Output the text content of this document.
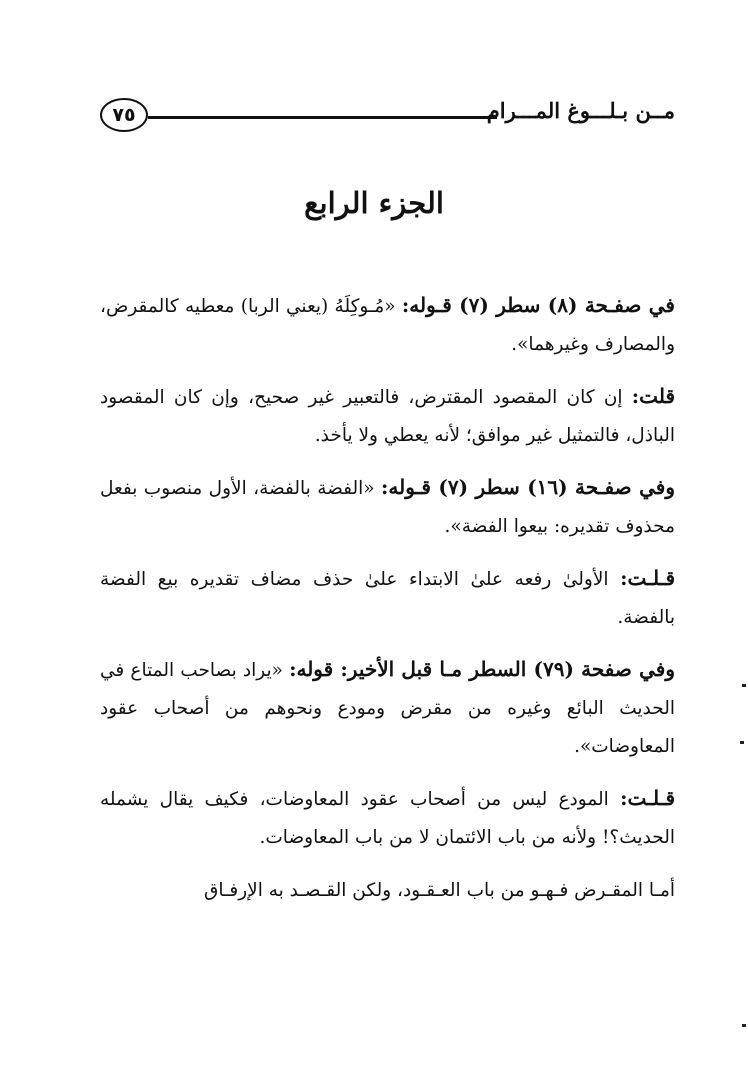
مــن بـلـــوغ المـــرام
٧٥
الجزء الرابع

في صفـحة (٨) سطر (٧) قـوله: «مُـوكِلَهُ (يعني الربا) معطيه كالمقرض، والمصارف وغيرهما».

قلت: إن كان المقصود المقترض، فالتعبير غير صحيح، وإن كان المقصود الباذل، فالتمثيل غير موافق؛ لأنه يعطي ولا يأخذ.

وفي صفـحة (١٦) سطر (٧) قـوله: «الفضة بالفضة، الأول منصوب بفعل محذوف تقديره: بيعوا الفضة».

قـلـت: الأولىٰ رفعه علىٰ الابتداء علىٰ حذف مضاف تقديره بيع الفضة بالفضة.

وفي صفحة (٧٩) السطر مـا قبل الأخير: قوله: «يراد بصاحب المتاع في الحديث البائع وغيره من مقرض ومودع ونحوهم من أصحاب عقود المعاوضات».

قـلـت: المودع ليس من أصحاب عقود المعاوضات، فكيف يقال يشمله الحديث؟! ولأنه من باب الائتمان لا من باب المعاوضات.

أمـا المقـرض فـهـو من باب العـقـود، ولكن القـصـد به الإرفـاق
